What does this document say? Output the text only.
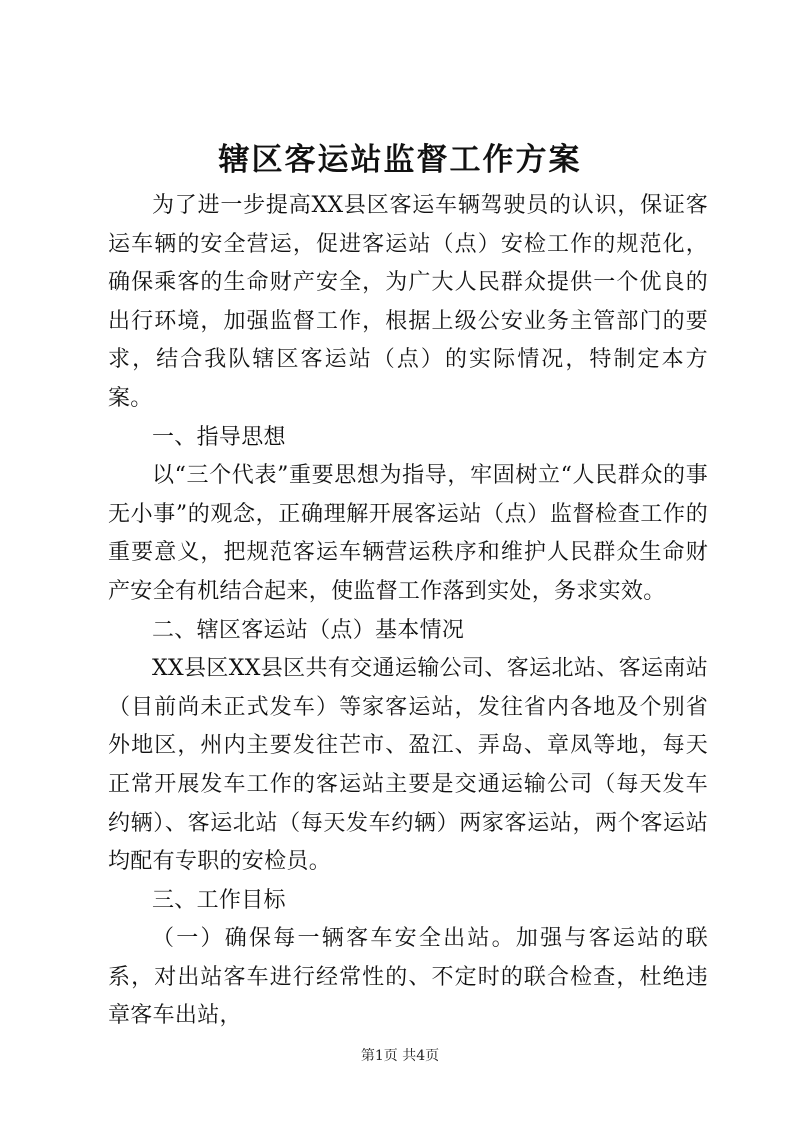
辖区客运站监督工作方案

为了进一步提高XX县区客运车辆驾驶员的认识，保证客运车辆的安全营运，促进客运站（点）安检工作的规范化，确保乘客的生命财产安全，为广大人民群众提供一个优良的出行环境，加强监督工作，根据上级公安业务主管部门的要求，结合我队辖区客运站（点）的实际情况，特制定本方案。

一、指导思想

以“三个代表”重要思想为指导，牢固树立“人民群众的事无小事”的观念，正确理解开展客运站（点）监督检查工作的重要意义，把规范客运车辆营运秩序和维护人民群众生命财产安全有机结合起来，使监督工作落到实处，务求实效。

二、辖区客运站（点）基本情况

XX县区XX县区共有交通运输公司、客运北站、客运南站（目前尚未正式发车）等家客运站，发往省内各地及个别省外地区，州内主要发往芒市、盈江、弄岛、章凤等地，每天正常开展发车工作的客运站主要是交通运输公司（每天发车约辆）、客运北站（每天发车约辆）两家客运站，两个客运站均配有专职的安检员。

三、工作目标

（一）确保每一辆客车安全出站。加强与客运站的联系，对出站客车进行经常性的、不定时的联合检查，杜绝违章客车出站，

第1页 共4页
